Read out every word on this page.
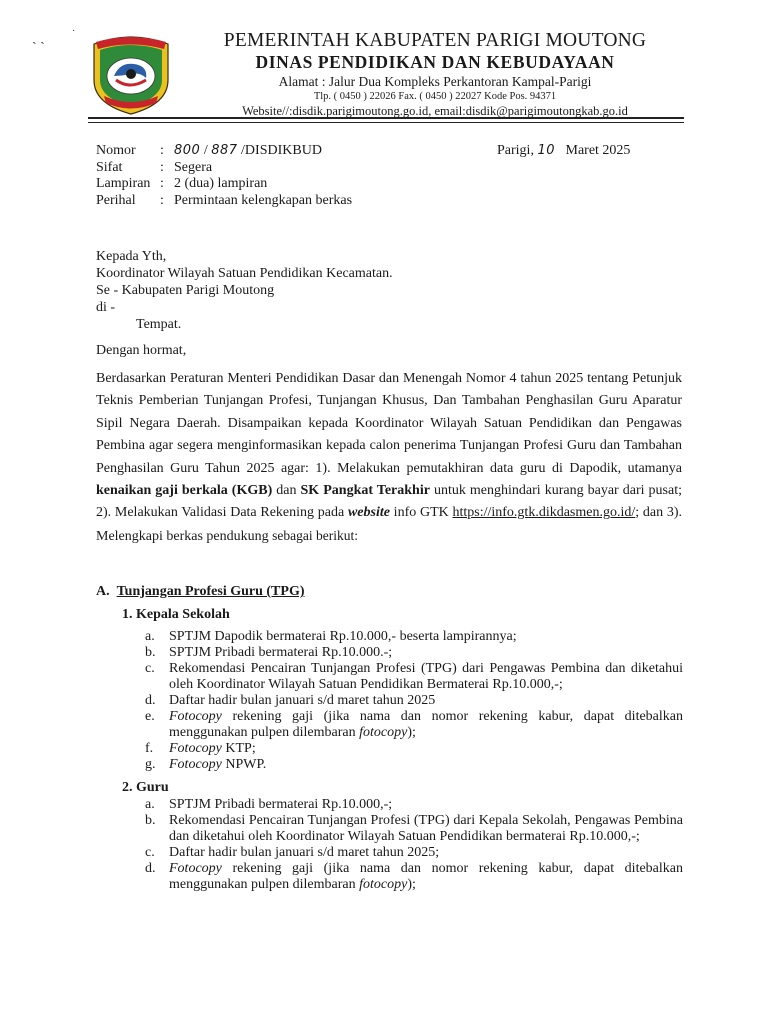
ˎ ˏ	·	PEMERINTAH KABUPATEN PARIGI MOUTONG
DINAS PENDIDIKAN DAN KEBUDAYAAN
Alamat : Jalur Dua Kompleks Perkantoran Kampal-Parigi
Tlp. ( 0450 ) 22026 Fax. ( 0450 ) 22027 Kode Pos. 94371
Website//:disdik.parigimoutong.go.id, email:disdik@parigimoutongkab.go.id
Nomor	: 800 / 887 /DISDIKBUD
Sifat	: Segera
Lampiran : 2 (dua) lampiran
Perihal	: Permintaan kelengkapan berkas
Parigi, 10 Maret 2025
Kepada Yth,
Koordinator Wilayah Satuan Pendidikan Kecamatan.
Se - Kabupaten Parigi Moutong
di -
Tempat.
Dengan hormat,
Berdasarkan Peraturan Menteri Pendidikan Dasar dan Menengah Nomor 4 tahun 2025 tentang Petunjuk Teknis Pemberian Tunjangan Profesi, Tunjangan Khusus, Dan Tambahan Penghasilan Guru Aparatur Sipil Negara Daerah. Disampaikan kepada Koordinator Wilayah Satuan Pendidikan dan Pengawas Pembina agar segera menginformasikan kepada calon penerima Tunjangan Profesi Guru dan Tambahan Penghasilan Guru Tahun 2025 agar: 1). Melakukan pemutakhiran data guru di Dapodik, utamanya kenaikan gaji berkala (KGB) dan SK Pangkat Terakhir untuk menghindari kurang bayar dari pusat; 2). Melakukan Validasi Data Rekening pada website info GTK https://info.gtk.dikdasmen.go.id/; dan 3). Melengkapi berkas pendukung sebagai berikut:
A. Tunjangan Profesi Guru (TPG)
1. Kepala Sekolah
a.	SPTJM Dapodik bermaterai Rp.10.000,- beserta lampirannya;
b. SPTJM Pribadi bermaterai Rp.10.000.-;
c.	Rekomendasi Pencairan Tunjangan Profesi (TPG) dari Pengawas Pembina dan diketahui oleh Koordinator Wilayah Satuan Pendidikan Bermaterai Rp.10.000,-;
d. Daftar hadir bulan januari s/d maret tahun 2025
e.	Fotocopy rekening gaji (jika nama dan nomor rekening kabur, dapat ditebalkan menggunakan pulpen dilembaran fotocopy);
f.	Fotocopy KTP;
g. Fotocopy NPWP.
2. Guru
a.	SPTJM Pribadi bermaterai Rp.10.000,-;
b. Rekomendasi Pencairan Tunjangan Profesi (TPG) dari Kepala Sekolah, Pengawas Pembina dan diketahui oleh Koordinator Wilayah Satuan Pendidikan bermaterai Rp.10.000,-;
c.	Daftar hadir bulan januari s/d maret tahun 2025;
d. Fotocopy rekening gaji (jika nama dan nomor rekening kabur, dapat ditebalkan menggunakan pulpen dilembaran fotocopy);
